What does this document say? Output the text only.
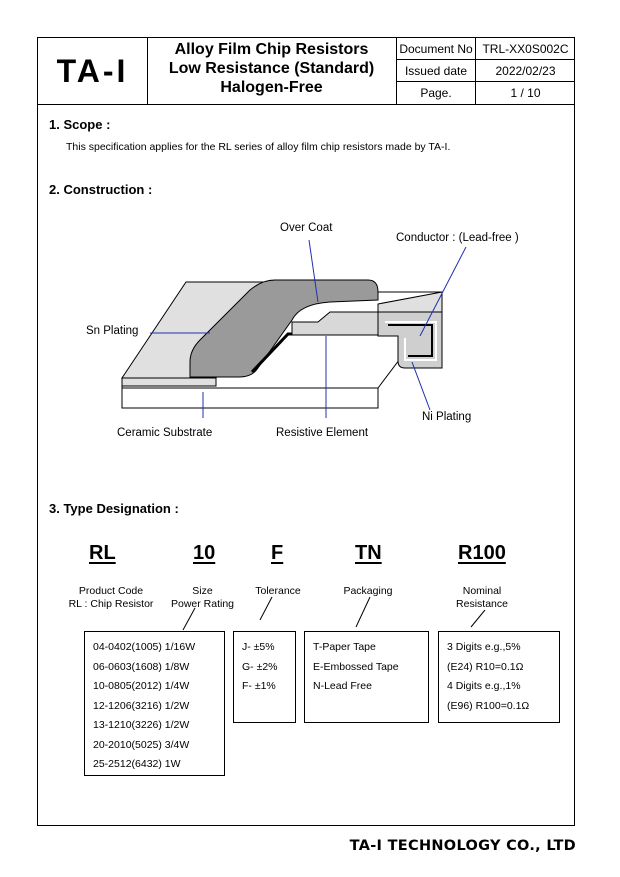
TA-I
Alloy Film Chip Resistors
Low Resistance (Standard)
Halogen-Free
Document No TRL-XX0S002C
Issued date	2022/02/23
Page.	1 / 10
1. Scope :
This specification applies for the RL series of alloy film chip resistors made by TA-I.
2. Construction :
Over Coat
Conductor : (Lead-free )
Sn Plating
Ni Plating
Ceramic Substrate	Resistive Element
3. Type Designation :
RL	10	F	TN	R100
Product Code
RL : Chip Resistor
Size
Power Rating
Tolerance	Packaging	Nominal
Resistance
04-0402(1005) 1/16W
06-0603(1608) 1/8W
10-0805(2012) 1/4W
12-1206(3216) 1/2W
13-1210(3226) 1/2W
20-2010(5025) 3/4W
25-2512(6432) 1W
J- ±5%
G- ±2%
F- ±1%
T-Paper Tape
E-Embossed Tape
N-Lead Free
3 Digits e.g.,5%
(E24) R10=0.1Ω
4 Digits e.g.,1%
(E96) R100=0.1Ω
TA-I TECHNOLOGY CO., LTD
